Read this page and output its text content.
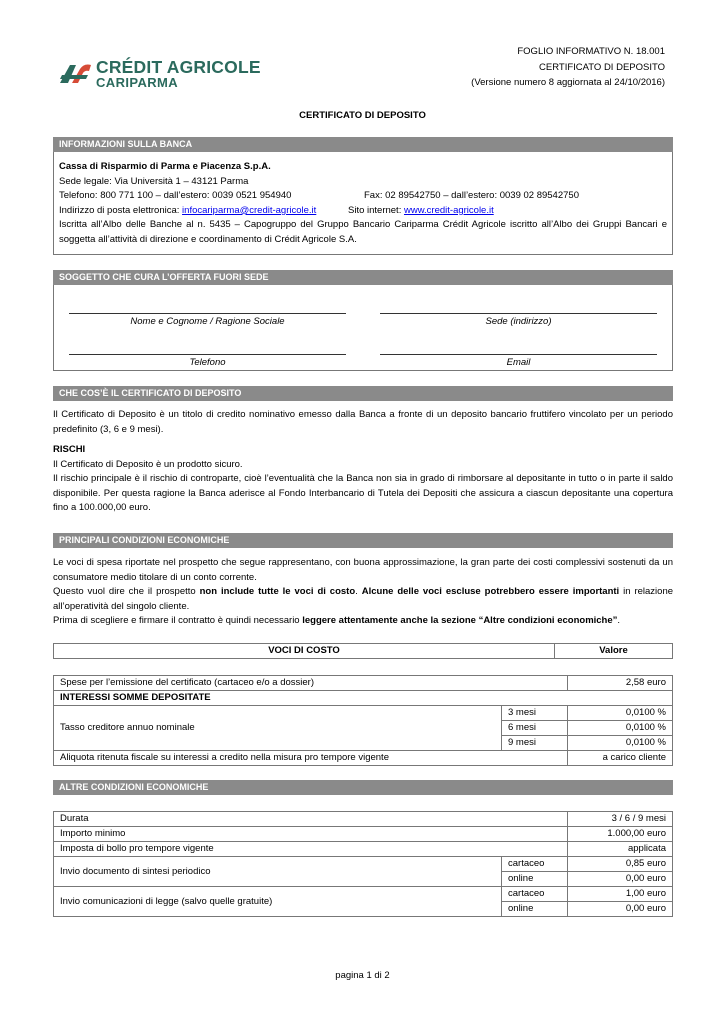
CRÉDIT AGRICOLE
CARIPARMA
FOGLIO INFORMATIVO N. 18.001
CERTIFICATO DI DEPOSITO
(Versione numero 8 aggiornata al 24/10/2016)
CERTIFICATO DI DEPOSITO
INFORMAZIONI SULLA BANCA
Cassa di Risparmio di Parma e Piacenza S.p.A.
Sede legale: Via Università 1 – 43121 Parma
Telefono: 800 771 100 – dall’estero: 0039 0521 954940	Fax: 02 89542750 – dall’estero: 0039 02 89542750
Indirizzo di posta elettronica: infocariparma@credit-agricole.it	Sito internet: www.credit-agricole.it
Iscritta all’Albo delle Banche al n. 5435 – Capogruppo del Gruppo Bancario Cariparma Crédit Agricole iscritto all’Albo dei Gruppi Bancari e soggetta all’attività di direzione e coordinamento di Crédit Agricole S.A.
SOGGETTO CHE CURA L’OFFERTA FUORI SEDE
Nome e Cognome / Ragione Sociale	Sede (indirizzo)
Telefono	Email
CHE COS’È IL CERTIFICATO DI DEPOSITO

Il Certificato di Deposito è un titolo di credito nominativo emesso dalla Banca a fronte di un deposito bancario fruttifero vincolato per un periodo predefinito (3, 6 e 9 mesi).

RISCHI

Il Certificato di Deposito è un prodotto sicuro.

Il rischio principale è il rischio di controparte, cioè l’eventualità che la Banca non sia in grado di rimborsare al depositante in tutto o in parte il saldo disponibile. Per questa ragione la Banca aderisce al Fondo Interbancario di Tutela dei Depositi che assicura a ciascun depositante una copertura fino a 100.000,00 euro.

PRINCIPALI CONDIZIONI ECONOMICHE

Le voci di spesa riportate nel prospetto che segue rappresentano, con buona approssimazione, la gran parte dei costi complessivi sostenuti da un consumatore medio titolare di un conto corrente.

Questo vuol dire che il prospetto non include tutte le voci di costo. Alcune delle voci escluse potrebbero essere importanti in relazione all’operatività del singolo cliente.

Prima di scegliere e firmare il contratto è quindi necessario leggere attentamente anche la sezione “Altre condizioni economiche”.

VOCI DI COSTO	Valore
Spese per l’emissione del certificato (cartaceo e/o a dossier)		2,58 euro
INTERESSI SOMME DEPOSITATE		
Tasso creditore annuo nominale	3 mesi	0,0100 %
	6 mesi	0,0100 %
	9 mesi	0,0100 %
Aliquota ritenuta fiscale su interessi a credito nella misura pro tempore vigente		a carico cliente
ALTRE CONDIZIONI ECONOMICHE
Durata		3 / 6 / 9 mesi
Importo minimo		1.000,00 euro
Imposta di bollo pro tempore vigente		applicata
Invio documento di sintesi periodico	cartaceo	0,85 euro
	online	0,00 euro
Invio comunicazioni di legge (salvo quelle gratuite)	cartaceo	1,00 euro
	online	0,00 euro
pagina 1 di 2
